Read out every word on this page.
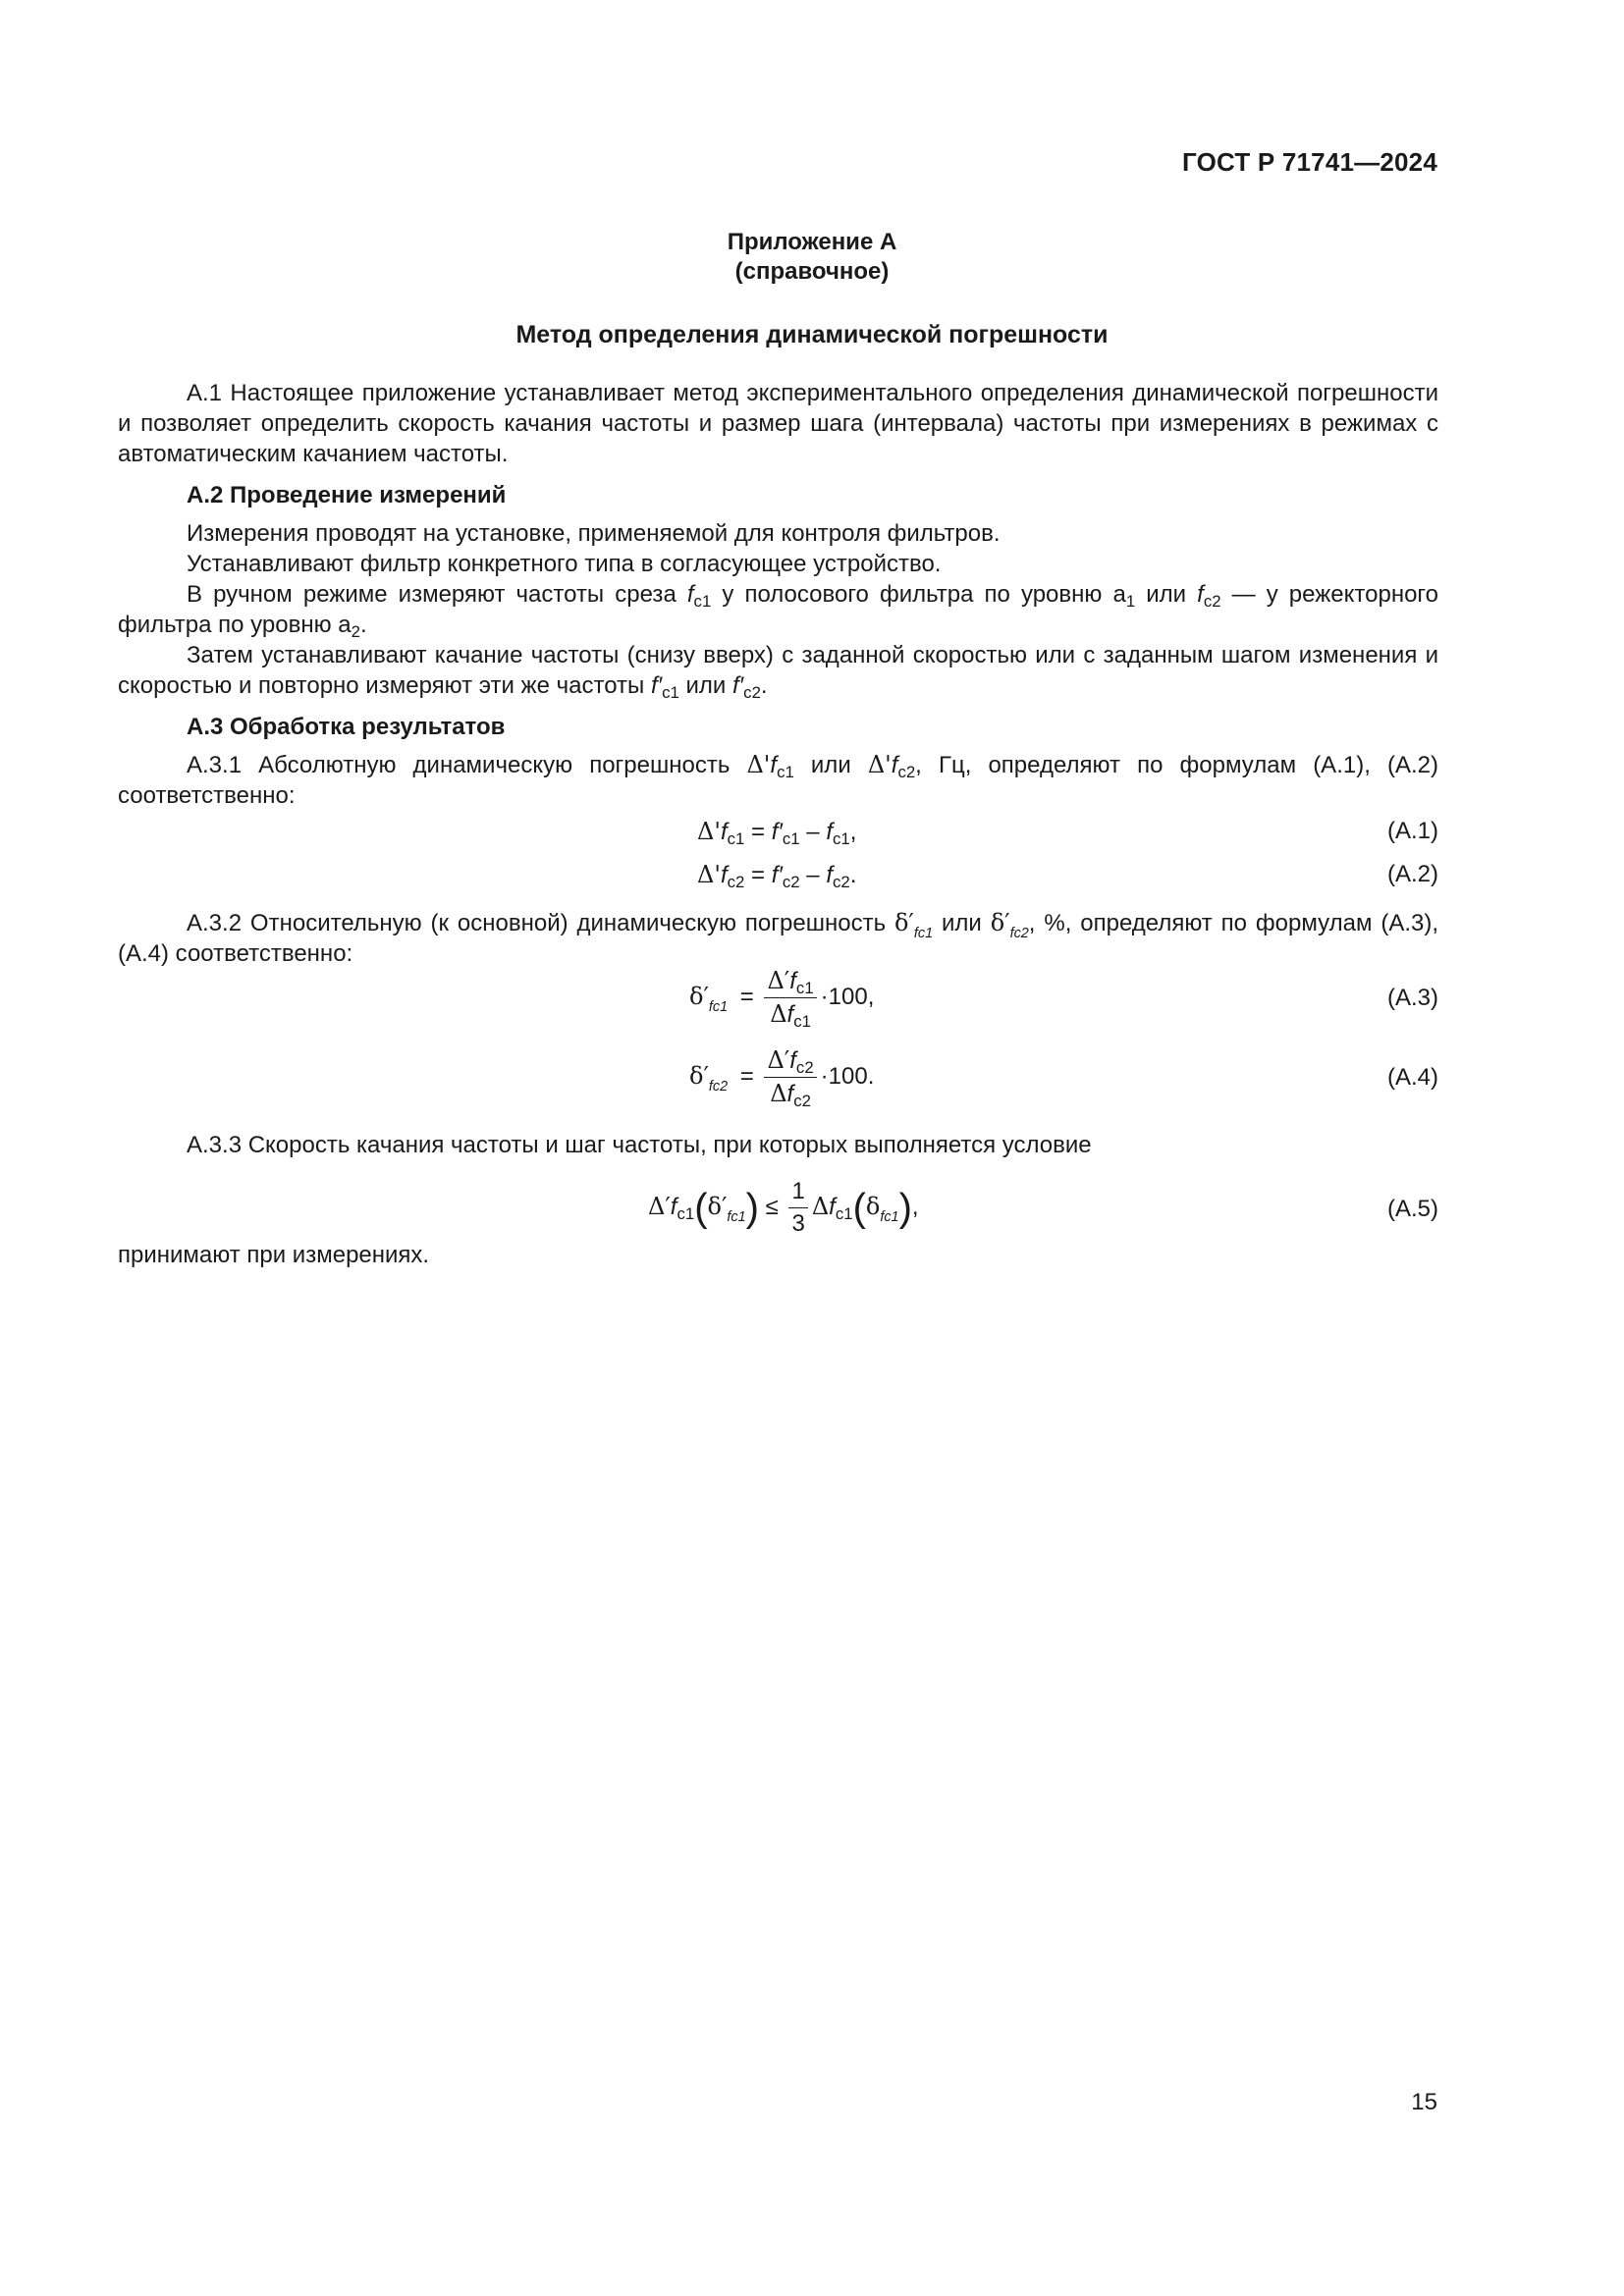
ГОСТ Р 71741—2024
Приложение А
(справочное)
Метод определения динамической погрешности

А.1 Настоящее приложение устанавливает метод экспериментального определения динамической погрешности и позволяет определить скорость качания частоты и размер шага (интервала) частоты при измерениях в режимах с автоматическим качанием частоты.

А.2 Проведение измерений

Измерения проводят на установке, применяемой для контроля фильтров.

Устанавливают фильтр конкретного типа в согласующее устройство.

В ручном режиме измеряют частоты среза $f_{c1}$ у полосового фильтра по уровню $а_1$ или $f_{c2}$ — у режекторного фильтра по уровню $а_2$.

Затем устанавливают качание частоты (снизу вверх) с заданной скоростью или с заданным шагом изменения и скоростью и повторно измеряют эти же частоты $f'_{c1}$ или $f'_{c2}$.

А.3 Обработка результатов

А.3.1 Абсолютную динамическую погрешность $\Delta'f_{c1}$ или $\Delta'f_{c2}$, Гц, определяют по формулам (А.1), (А.2) соответственно:

$\Delta'f_{c1} = f'_{c1} - f_{c1}$,	(А.1)
$\Delta'f_{c2} = f'_{c2} - f_{c2}$.	(А.2)

А.3.2 Относительную (к основной) динамическую погрешность $\delta'_{fc1}$ или $\delta'_{fc2}$, %, определяют по формулам (А.3), (А.4) соответственно:

$\delta'_{fc1} = \frac{\Delta'f_{c1}}{\Delta f_{c1}} \cdot 100$,	(А.3)
$\delta'_{fc2} = \frac{\Delta'f_{c2}}{\Delta f_{c2}} \cdot 100$.	(А.4)

А.3.3 Скорость качания частоты и шаг частоты, при которых выполняется условие

$\Delta'f_{c1}(\delta'_{fc1}) \le \frac{1}{3} \Delta f_{c1}(\delta_{fc1})$,	(А.5)

принимают при измерениях.

15
